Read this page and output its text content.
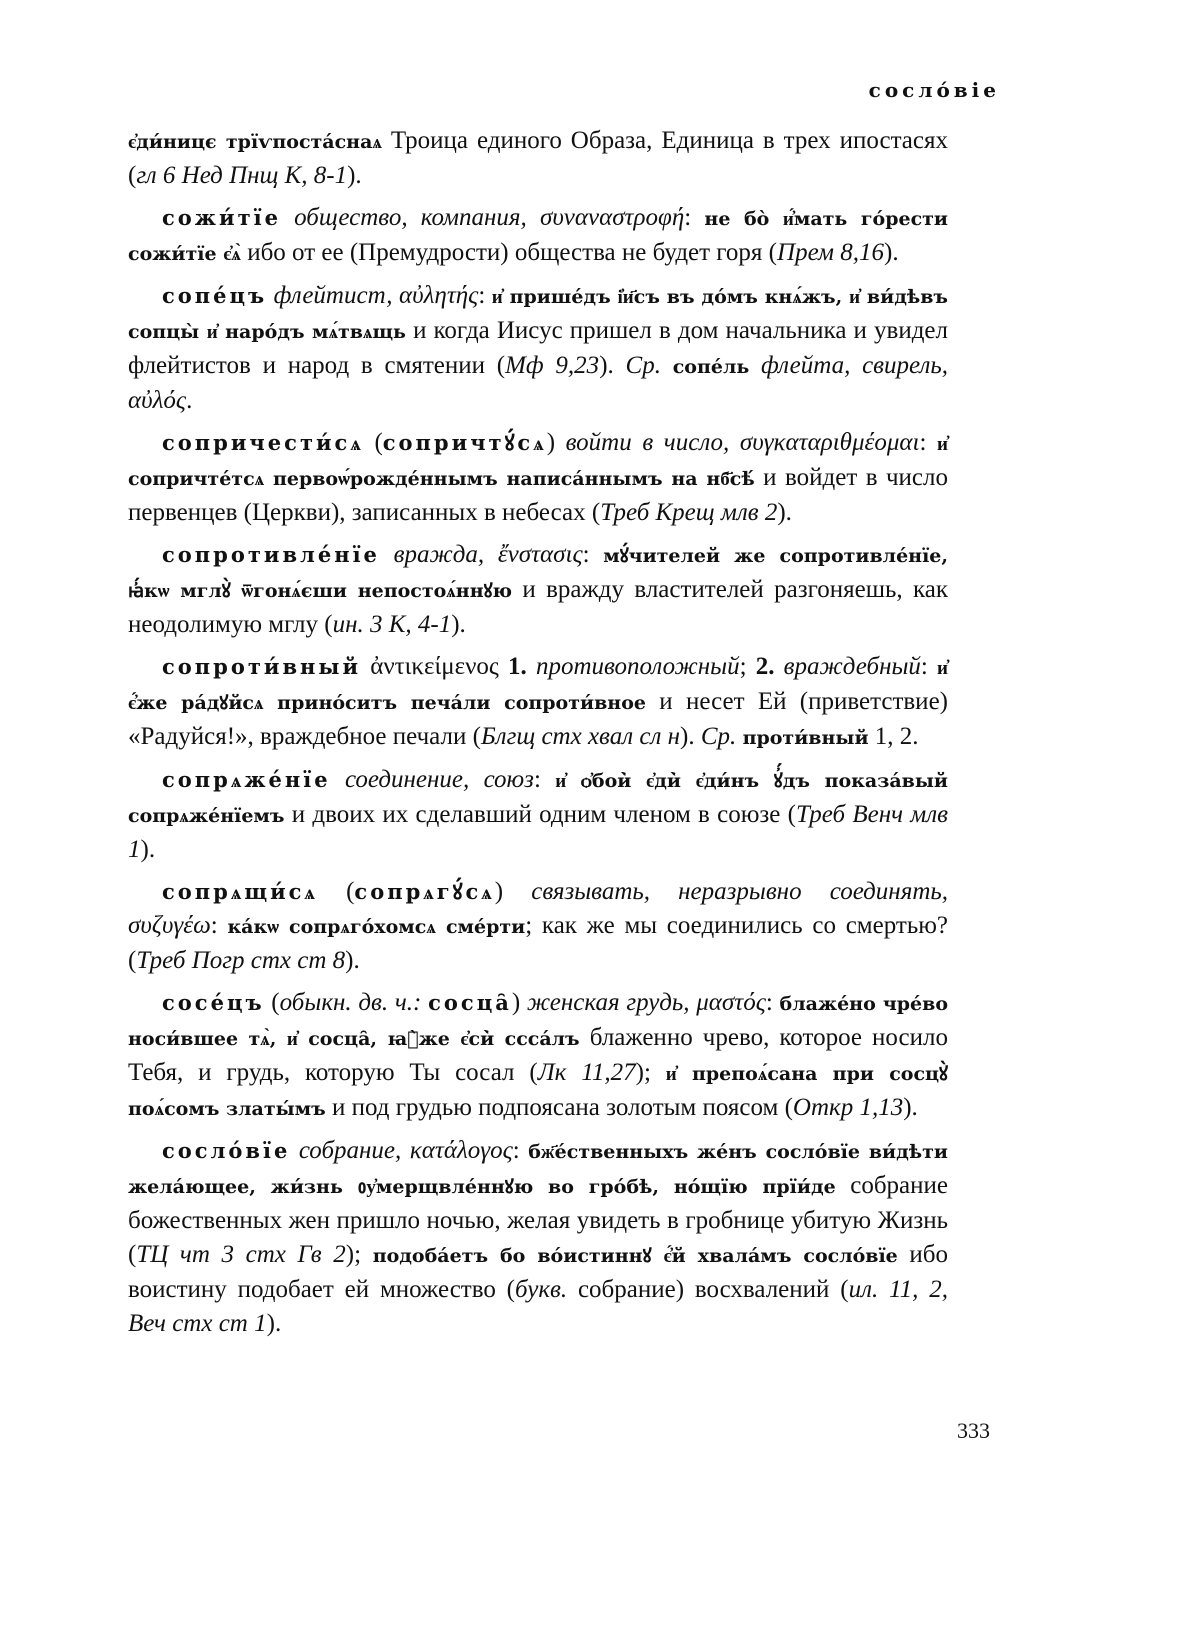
сосло́віе

є҆ди́ницє трїѵпоста́снаѧ Троица единого Образа, Единица в трех ипостасях (гл 6 Нед Пнщ К, 8-1).

сожи́тїе общество, компания, συναναστροφή: не бо̀ и҆́мать го́рести сожи́тїе є҆ѧ̀ ибо от ее (Премудрости) общества не будет горя (Прем 8,16).

сопе́цъ флейтист, αὐλητής: и҆ прише́дъ і҆и҃съ въ до́мъ кнѧ́жъ, и҆ ви́дѣвъ сопцы̀ и҆ наро́дъ мѧ́твѧщь и когда Иисус пришел в дом начальника и увидел флейтистов и народ в смятении (Мф 9,23). Ср. сопе́ль флейта, свирель, αὐλός.

сопричести́сѧ (сопричтꙋ́сѧ) войти в число, συγκαταριθμέομαι: и҆ сопричте́тсѧ первоѡ́рожде́ннымъ написа́ннымъ на нб҃сѣ́ и войдет в число первенцев (Церкви), записанных в небесах (Треб Крещ млв 2).

сопротивле́нїе вражда, ἔνστασις: мꙋ́чителей же сопротивле́нїе, ꙗ҆́кѡ мглꙋ̀ ѿгонѧ́єши непостоѧ́ннꙋю и вражду властителей разгоняешь, как неодолимую мглу (ин. 3 К, 4-1).

сопроти́вный ἀντικείμενος 1. противоположный; 2. враждебный: и҆ є҆́же ра́дꙋйсѧ прино́ситъ печа́ли сопроти́вное и несет Ей (приветствие) «Радуйся!», враждебное печали (Блгщ стх хвал сл н). Ср. проти́вный 1, 2.

сопрѧже́нїе соединение, союз: и҆ ѻ҆бои̇̀ є҆ди̇̀ є҆ди́нъ ꙋ҆́дъ показа́вый сопрѧже́нїемъ и двоих их сделавший одним членом в союзе (Треб Венч млв 1).

сопрѧщи́сѧ (сопрѧгꙋ́сѧ) связывать, неразрывно соединять, συζυγέω: ка́кѡ сопрѧго́хомсѧ сме́рти; как же мы соединились со смертью? (Треб Погр стх ст 8).

сосе́цъ (обыкн. дв. ч.: сосца̑) женская грудь, μαστός: блаже́но чре́во носи́вшее тѧ̀, и҆ сосца̑, ꙗ҆̀же є҆си̇̀ ссса́лъ блаженно чрево, которое носило Тебя, и грудь, которую Ты сосал (Лк 11,27); и҆ препоѧ́сана при сосцꙋ̀ поѧ́сомъ златы́мъ и под грудью подпоясана золотым поясом (Откр 1,13).

сосло́вїе собрание, κατάλογος: бж҃е́ственныхъ же́нъ сосло́вїе ви́дѣти жела́ющее, жи́знь ᲂу҆мерщвле́ннꙋю во гро́бѣ, но́щїю прїи́де собрание божественных жен пришло ночью, желая увидеть в гробнице убитую Жизнь (ТЦ чт 3 стх Гв 2); подоба́етъ бо во́истиннꙋ є҆́й хвала́мъ сосло́вїе ибо воистину подобает ей множество (букв. собрание) восхвалений (ил. 11, 2, Веч стх ст 1).

333
